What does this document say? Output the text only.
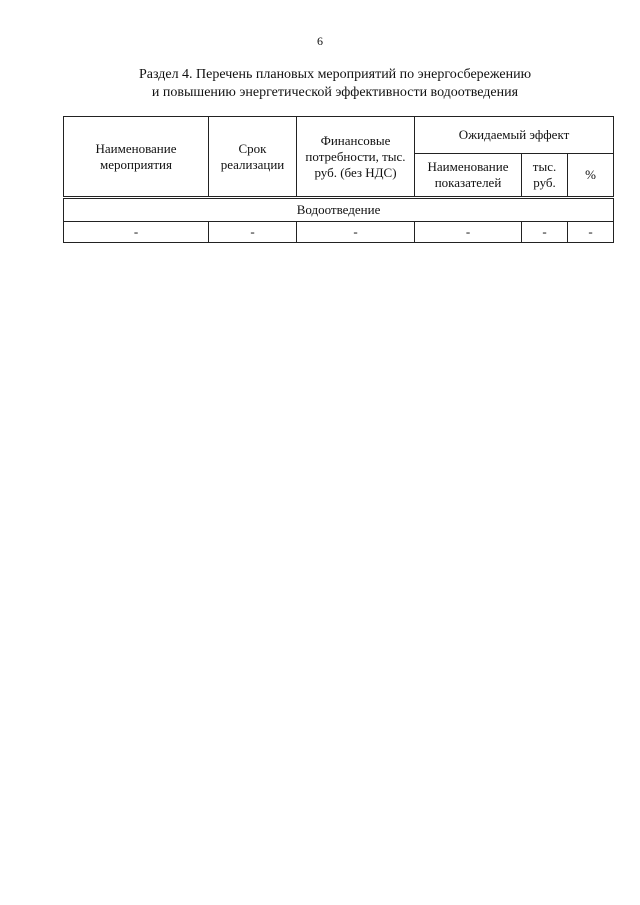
6
Раздел 4. Перечень плановых мероприятий по энергосбережению
и повышению энергетической эффективности водоотведения
Наименование мероприятия	Срок реализации	Финансовые потребности, тыс. руб. (без НДС)	Ожидаемый эффект		
			Наименование показателей	тыс. руб.	%
Водоотведение					
-	-	-	-	-	-
